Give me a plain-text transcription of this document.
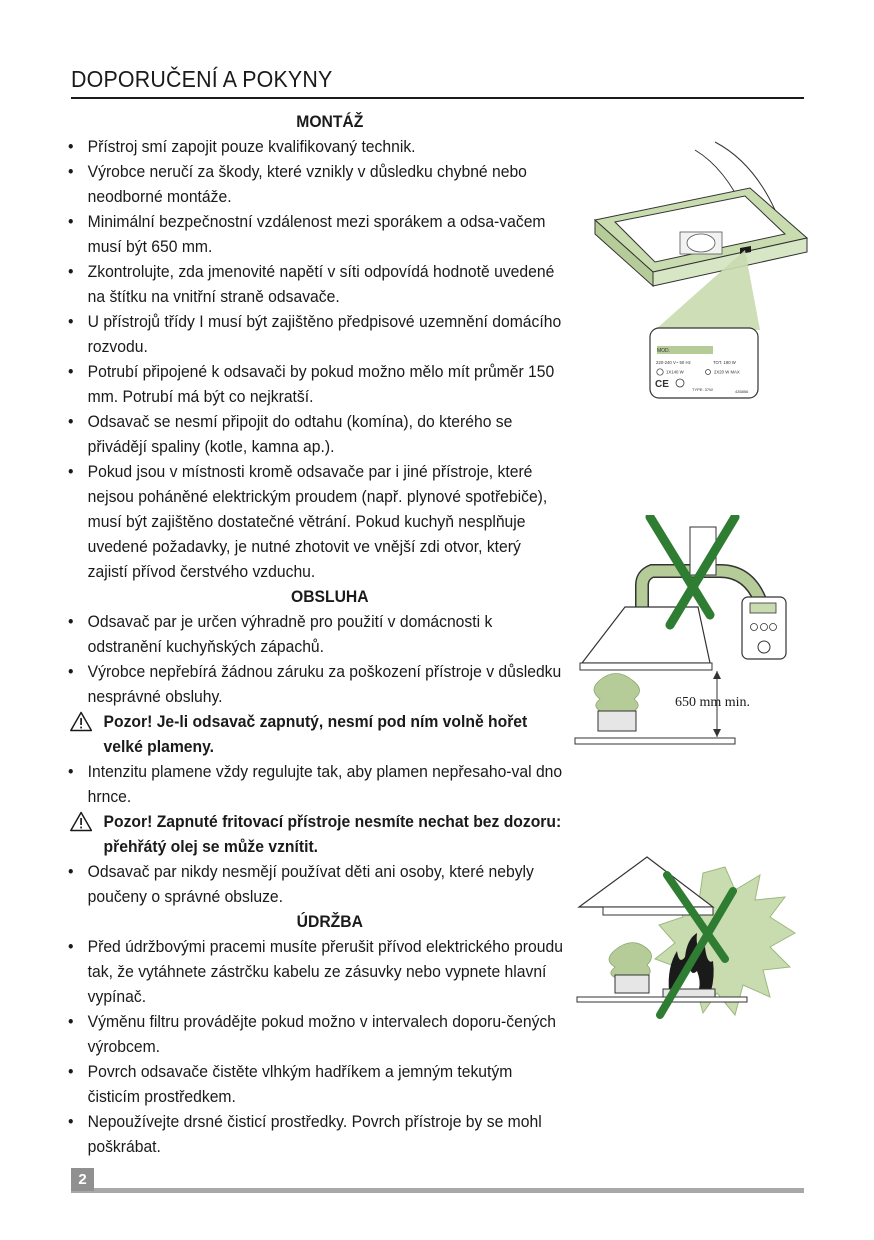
DOPORUČENÍ A POKYNY
MONTÁŽ
• Přístroj smí zapojit pouze kvalifikovaný technik.
• Výrobce neručí za škody, které vznikly v důsledku chybné nebo neodborné montáže.
• Minimální bezpečnostní vzdálenost mezi sporákem a odsa-vačem musí být 650 mm.
• Zkontrolujte, zda jmenovité napětí v síti odpovídá hodnotě uvedené na štítku na vnitřní straně odsavače.
• U přístrojů třídy I musí být zajištěno předpisové uzemnění domácího rozvodu.
• Potrubí připojené k odsavači by pokud možno mělo mít průměr 150 mm. Potrubí má být co nejkratší.
• Odsavač se nesmí připojit do odtahu (komína), do kterého se přivádějí spaliny (kotle, kamna ap.).
• Pokud jsou v místnosti kromě odsavače par i jiné přístroje, které nejsou poháněné elektrickým proudem (např. plynové spotřebiče), musí být zajištěno dostatečné větrání. Pokud kuchyň nesplňuje uvedené požadavky, je nutné zhotovit ve vnější zdi otvor, který zajistí přívod čerstvého vzduchu.
OBSLUHA
• Odsavač par je určen výhradně pro použití v domácnosti k odstranění kuchyňských zápachů.
• Výrobce nepřebírá žádnou záruku za poškození přístroje v důsledku nesprávné obsluhy.
Pozor! Je-li odsavač zapnutý, nesmí pod ním volně hořet velké plameny.
• Intenzitu plamene vždy regulujte tak, aby plamen nepřesaho-val dno hrnce.
Pozor! Zapnuté fritovací přístroje nesmíte nechat bez dozoru: přehřátý olej se může vznítit.
• Odsavač par nikdy nesmějí používat děti ani osoby, které nebyly poučeny o správné obsluze.
ÚDRŽBA
• Před údržbovými pracemi musíte přerušit přívod elektrického proudu tak, že vytáhnete zástrčku kabelu ze zásuvky nebo vypnete hlavní vypínač.
• Výměnu filtru provádějte pokud možno v intervalech doporu-čených výrobcem.
• Povrch odsavače čistěte vlhkým hadříkem a jemným tekutým čisticím prostředkem.
• Nepoužívejte drsné čisticí prostředky. Povrch přístroje by se mohl poškrábat.
MOD.
220-240 V~ 50 Hz	TOT. 180 W
1X140 W	2X20 W MAX
CE	TYPE: 37W	435856
650 mm min.
2
